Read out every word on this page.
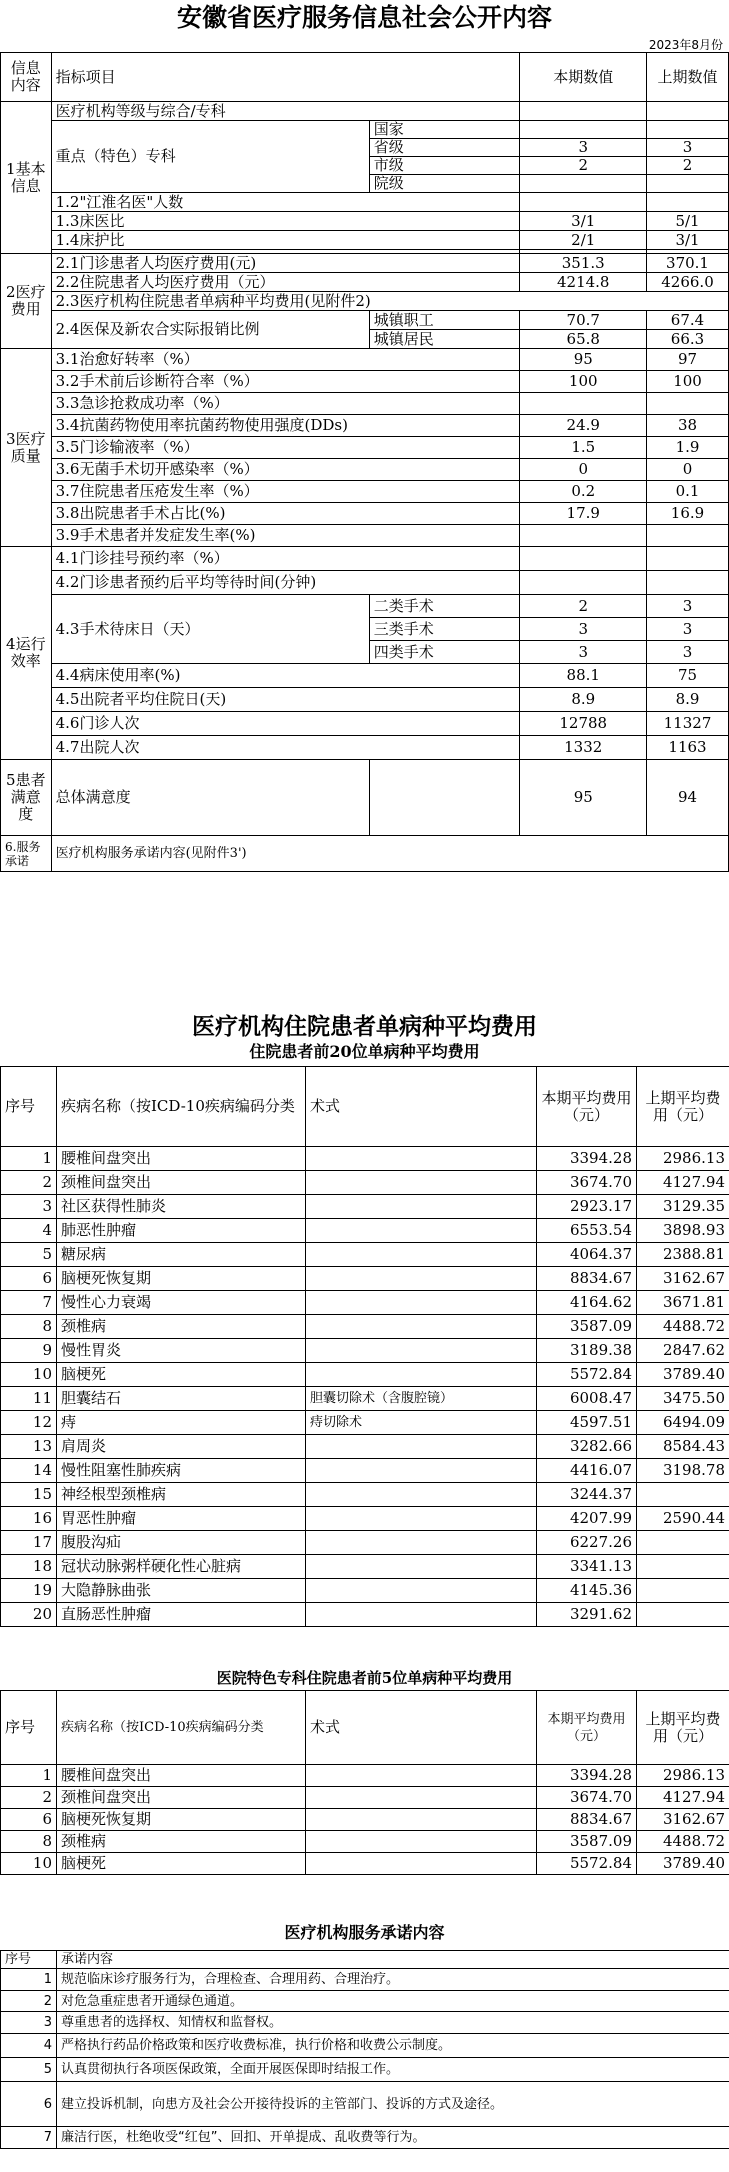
安徽省医疗服务信息社会公开内容
2023年8月份
信息内容	指标项目		本期数值	上期数值
1基本信息	医疗机构等级与综合/专科			
	重点（特色）专科	国家		
		省级	3	3
		市级	2	2
		院级		
	1.2"江淮名医"人数			
	1.3床医比		3/1	5/1
	1.4床护比		2/1	3/1

2医疗费用	2.1门诊患者人均医疗费用(元)		351.3	370.1
	2.2住院患者人均医疗费用（元）		4214.8	4266.0
	2.3医疗机构住院患者单病种平均费用(见附件2)			
	2.4医保及新农合实际报销比例	城镇职工	70.7	67.4
		城镇居民	65.8	66.3
3医疗质量	3.1治愈好转率（%）		95	97
	3.2手术前后诊断符合率（%）		100	100
	3.3急诊抢救成功率（%）			
	3.4抗菌药物使用率抗菌药物使用强度(DDs)		24.9	38
	3.5门诊输液率（%）		1.5	1.9
	3.6无菌手术切开感染率（%）		0	0
	3.7住院患者压疮发生率（%）		0.2	0.1
	3.8出院患者手术占比(%)		17.9	16.9
	3.9手术患者并发症发生率(%)			
4运行效率	4.1门诊挂号预约率（%）			
	4.2门诊患者预约后平均等待时间(分钟)			
	4.3手术待床日（天）	二类手术	2	3
		三类手术	3	3
		四类手术	3	3
	4.4病床使用率(%)		88.1	75
	4.5出院者平均住院日(天)		8.9	8.9
	4.6门诊人次		12788	11327
	4.7出院人次		1332	1163
5患者满意度	总体满意度		95	94
6.服务承诺	医疗机构服务承诺内容(见附件3')			
医疗机构住院患者单病种平均费用
住院患者前20位单病种平均费用
序号	疾病名称（按ICD-10疾病编码分类	术式	本期平均费用（元）	上期平均费用（元）
1	腰椎间盘突出		3394.28	2986.13
2	颈椎间盘突出		3674.70	4127.94
3	社区获得性肺炎		2923.17	3129.35
4	肺恶性肿瘤		6553.54	3898.93
5	糖尿病		4064.37	2388.81
6	脑梗死恢复期		8834.67	3162.67
7	慢性心力衰竭		4164.62	3671.81
8	颈椎病		3587.09	4488.72
9	慢性胃炎		3189.38	2847.62
10	脑梗死		5572.84	3789.40
11	胆囊结石	胆囊切除术（含腹腔镜）	6008.47	3475.50
12	痔	痔切除术	4597.51	6494.09
13	肩周炎		3282.66	8584.43
14	慢性阻塞性肺疾病		4416.07	3198.78
15	神经根型颈椎病		3244.37	
16	胃恶性肿瘤		4207.99	2590.44
17	腹股沟疝		6227.26	
18	冠状动脉粥样硬化性心脏病		3341.13	
19	大隐静脉曲张		4145.36	
20	直肠恶性肿瘤		3291.62	
医院特色专科住院患者前5位单病种平均费用
序号	疾病名称（按ICD-10疾病编码分类	术式	本期平均费用（元）	上期平均费用（元）
1	腰椎间盘突出		3394.28	2986.13
2	颈椎间盘突出		3674.70	4127.94
6	脑梗死恢复期		8834.67	3162.67
8	颈椎病		3587.09	4488.72
10	脑梗死		5572.84	3789.40
医疗机构服务承诺内容
序号	承诺内容
1	规范临床诊疗服务行为，合理检查、合理用药、合理治疗。
2	对危急重症患者开通绿色通道。
3	尊重患者的选择权、知情权和监督权。
4	严格执行药品价格政策和医疗收费标准，执行价格和收费公示制度。
5	认真贯彻执行各项医保政策，全面开展医保即时结报工作。
6	建立投诉机制，向患方及社会公开接待投诉的主管部门、投诉的方式及途径。
7	廉洁行医，杜绝收受“红包”、回扣、开单提成、乱收费等行为。
